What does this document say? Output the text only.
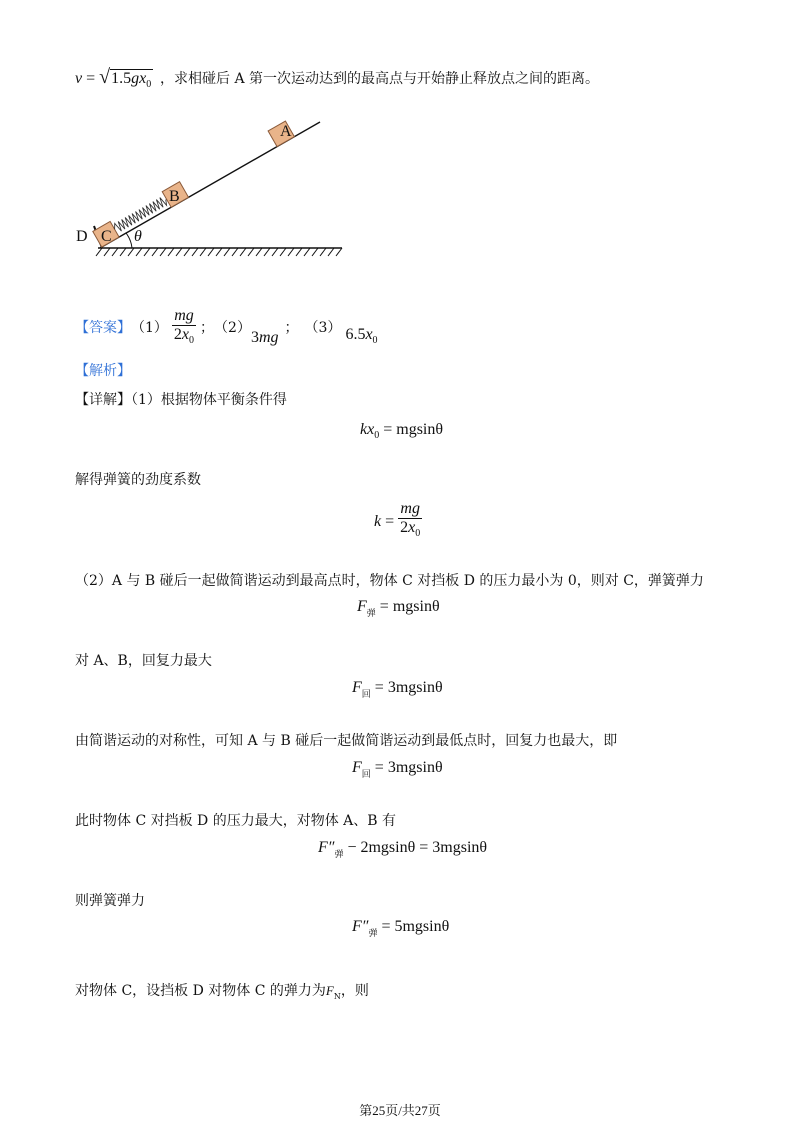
$v = √1.5gx_0$ ，求相碰后 A 第一次运动达到的最高点与开始静止释放点之间的距离。
A
B
C
D	θ
【答案】 $(1) \frac{mg}{2x_0}$ ； （2）
3mg
； （3） $6.5x_0$
【解析】
【详解】（1）根据物体平衡条件得
$kx_0 = mgsin\theta$
解得弹簧的劲度系数
$k = \frac{mg}{2x_0}$
（2）A 与 B 碰后一起做简谐运动到最高点时，物体 C 对挡板 D 的压力最小为 0，则对 C，弹簧弹力
$F_弹 = mgsin\theta$
对 A、B，回复力最大
$F_回 = 3mgsin\theta$
由简谐运动的对称性，可知 A 与 B 碰后一起做简谐运动到最低点时，回复力也最大，即
$F_回 = 3mgsin\theta$
此时物体 C 对挡板 D 的压力最大，对物体 A、B 有
$F''_弹 - 2mgsin\theta = 3mgsin\theta$
则弹簧弹力
$F''_弹 = 5mgsin\theta$
对物体 C，设挡板 D 对物体 C 的弹力为$F_N$，则
第25页/共27页
